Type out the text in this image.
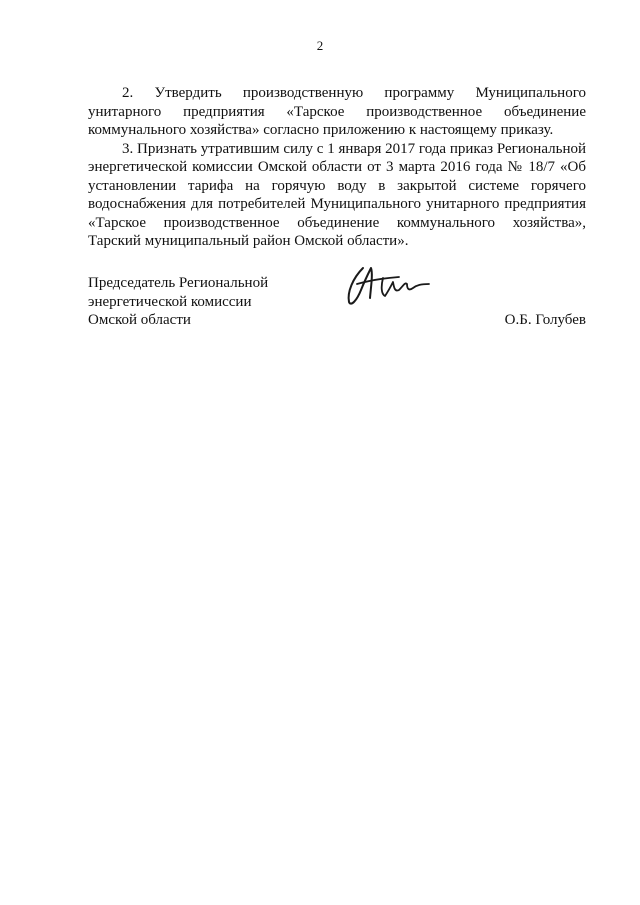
2

2. Утвердить производственную программу Муниципального унитарного предприятия «Тарское производственное объединение коммунального хозяйства» согласно приложению к настоящему приказу.

3. Признать утратившим силу с 1 января 2017 года приказ Региональной энергетической комиссии Омской области от 3 марта 2016 года № 18/7 «Об установлении тарифа на горячую воду в закрытой системе горячего водоснабжения для потребителей Муниципального унитарного предприятия «Тарское производственное объединение коммунального хозяйства», Тарский муниципальный район Омской области».

Председатель Региональной
энергетической комиссии
Омской области	О.Б. Голубев
